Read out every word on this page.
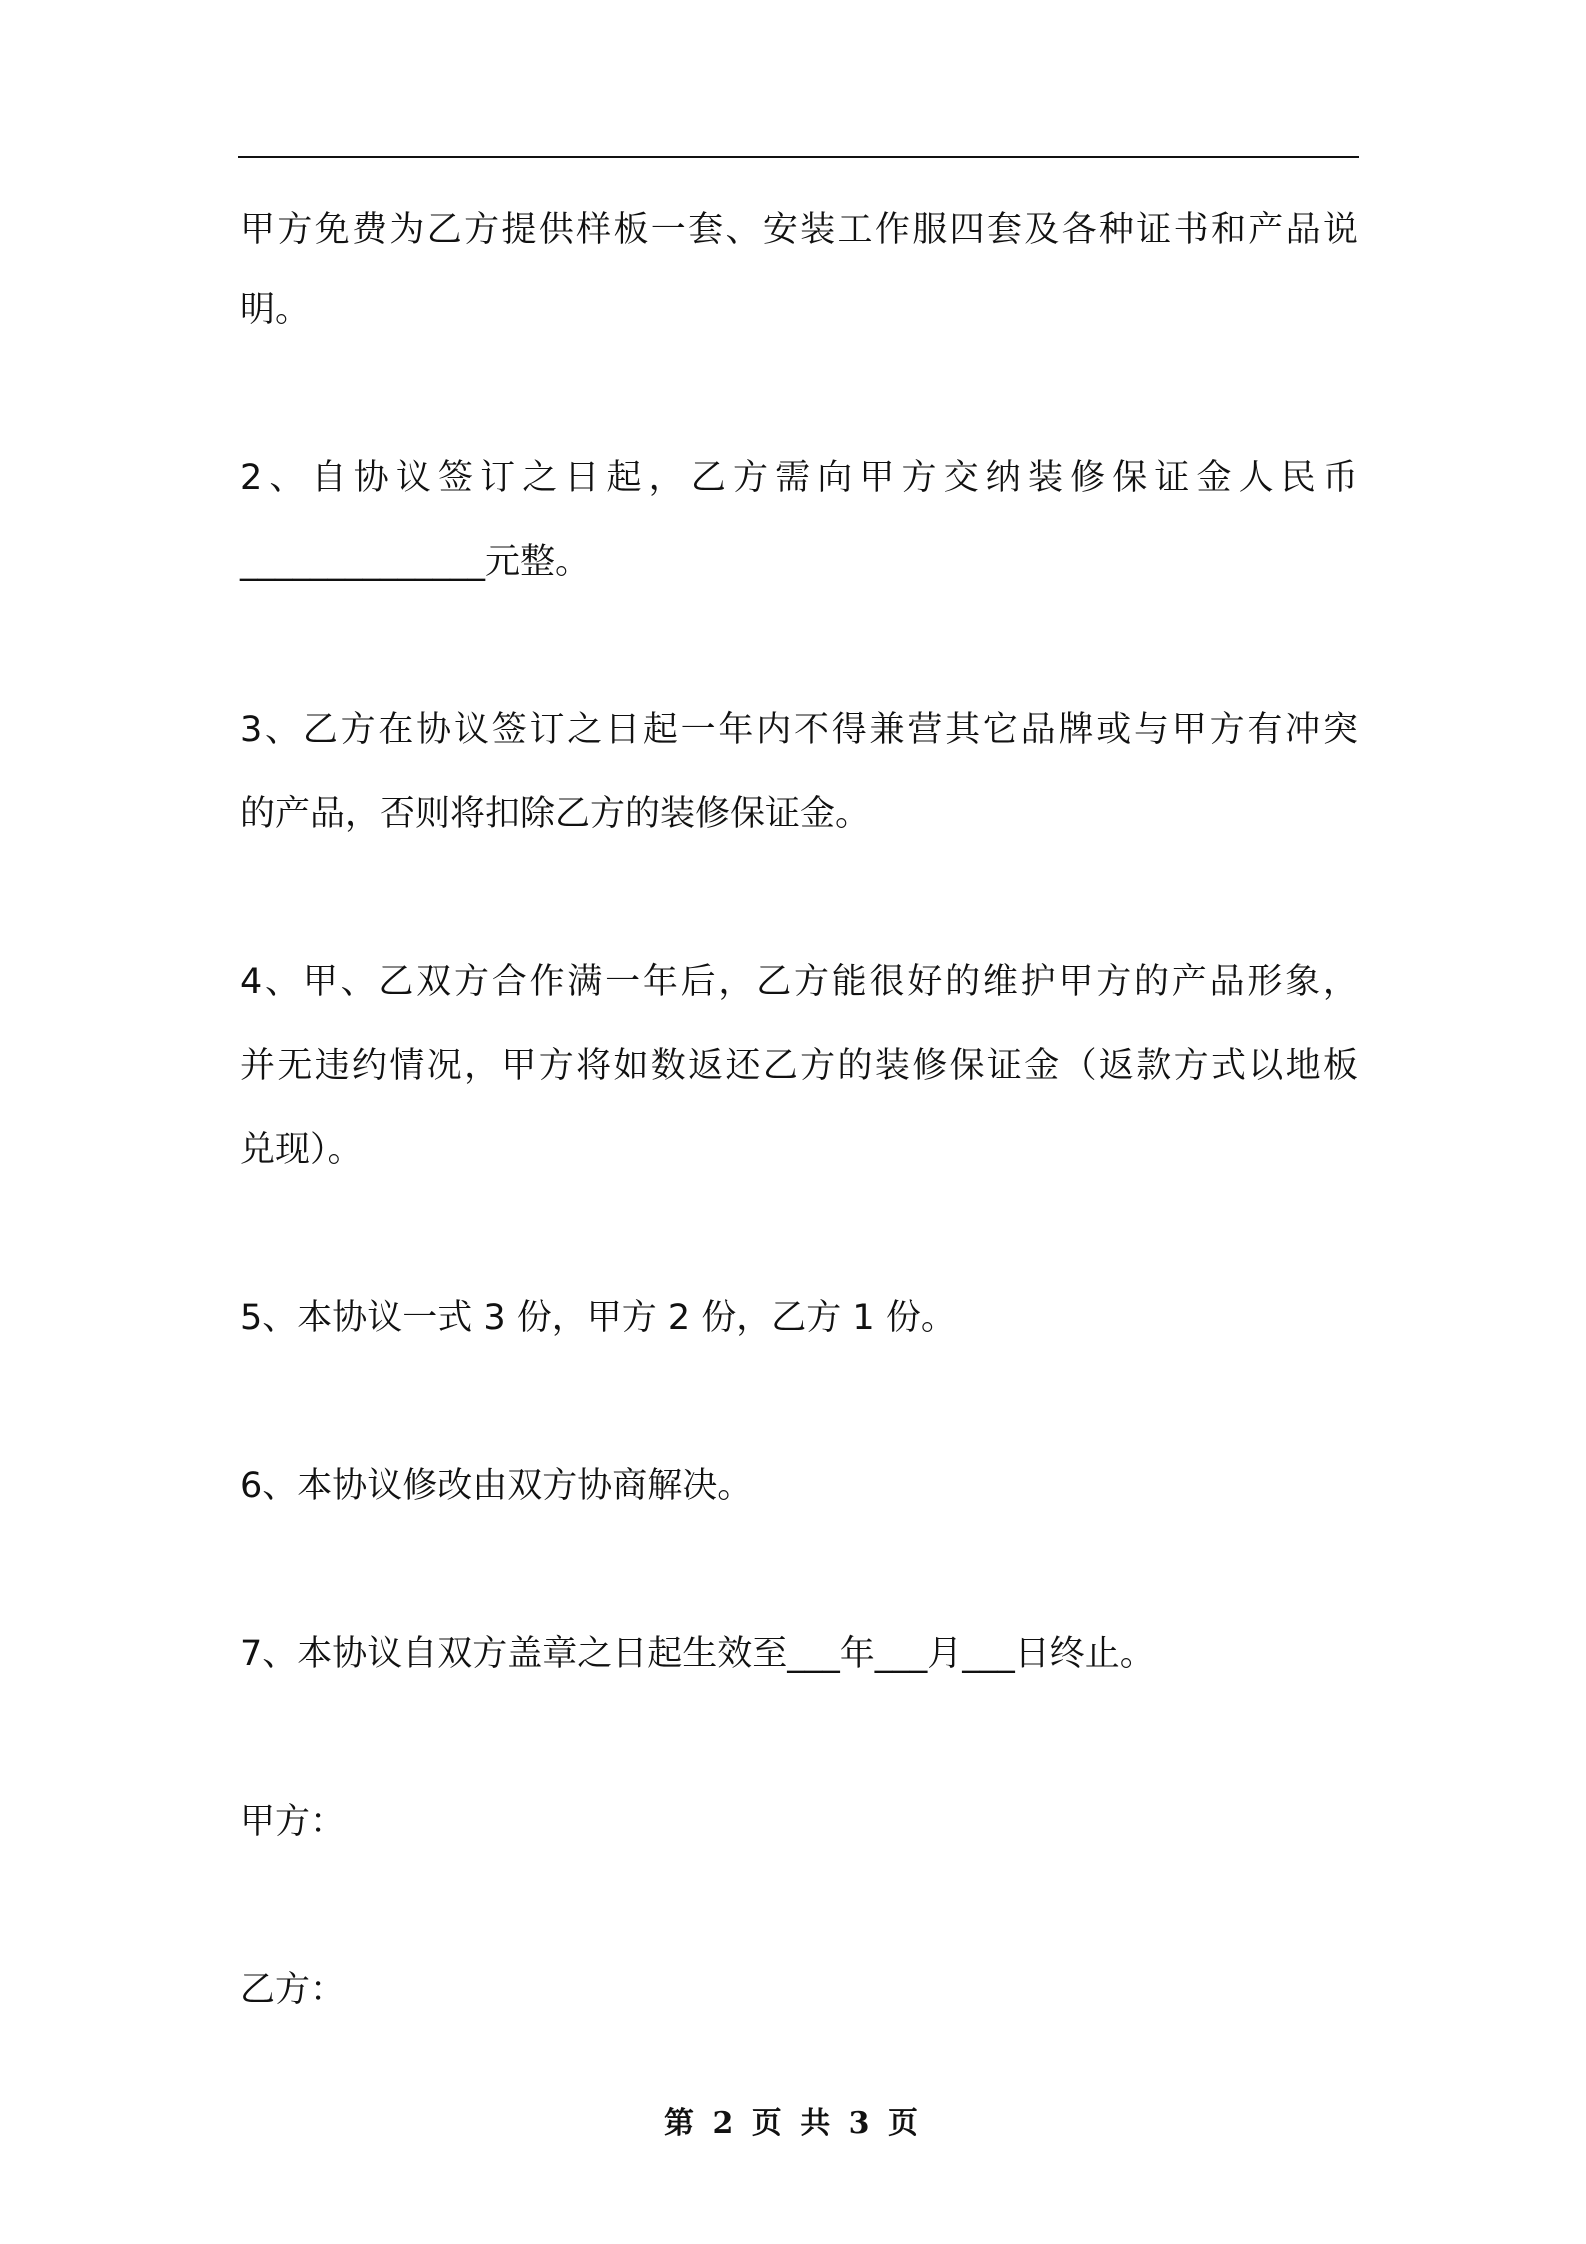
甲 方 免 费 为 乙 方 提 供 样 板 一 套 、 安 装 工 作 服 四 套 及 各 种 证 书 和 产 品 说
明。
2 、 自 协 议 签 订 之 日 起 ， 乙 方 需 向 甲 方 交 纳 装 修 保 证 金 人 民 币
______________元整。
3 、 乙 方 在 协 议 签 订 之 日 起 一 年 内 不 得 兼 营 其 它 品 牌 或 与 甲 方 有 冲 突
的产品，否则将扣除乙方的装修保证金。
4 、 甲 、 乙 双 方 合 作 满 一 年 后 ， 乙 方 能 很 好 的 维 护 甲 方 的 产 品 形 象 ，
并 无 违 约 情 况 ， 甲 方 将 如 数 返 还 乙 方 的 装 修 保 证 金 （ 返 款 方 式 以 地 板
兑现）。
5、本协议一式 3 份，甲方 2 份，乙方 1 份。
6、本协议修改由双方协商解决。
7、本协议自双方盖章之日起生效至___年___月___日终止。
甲方：
乙方：
第 2 页 共 3 页
